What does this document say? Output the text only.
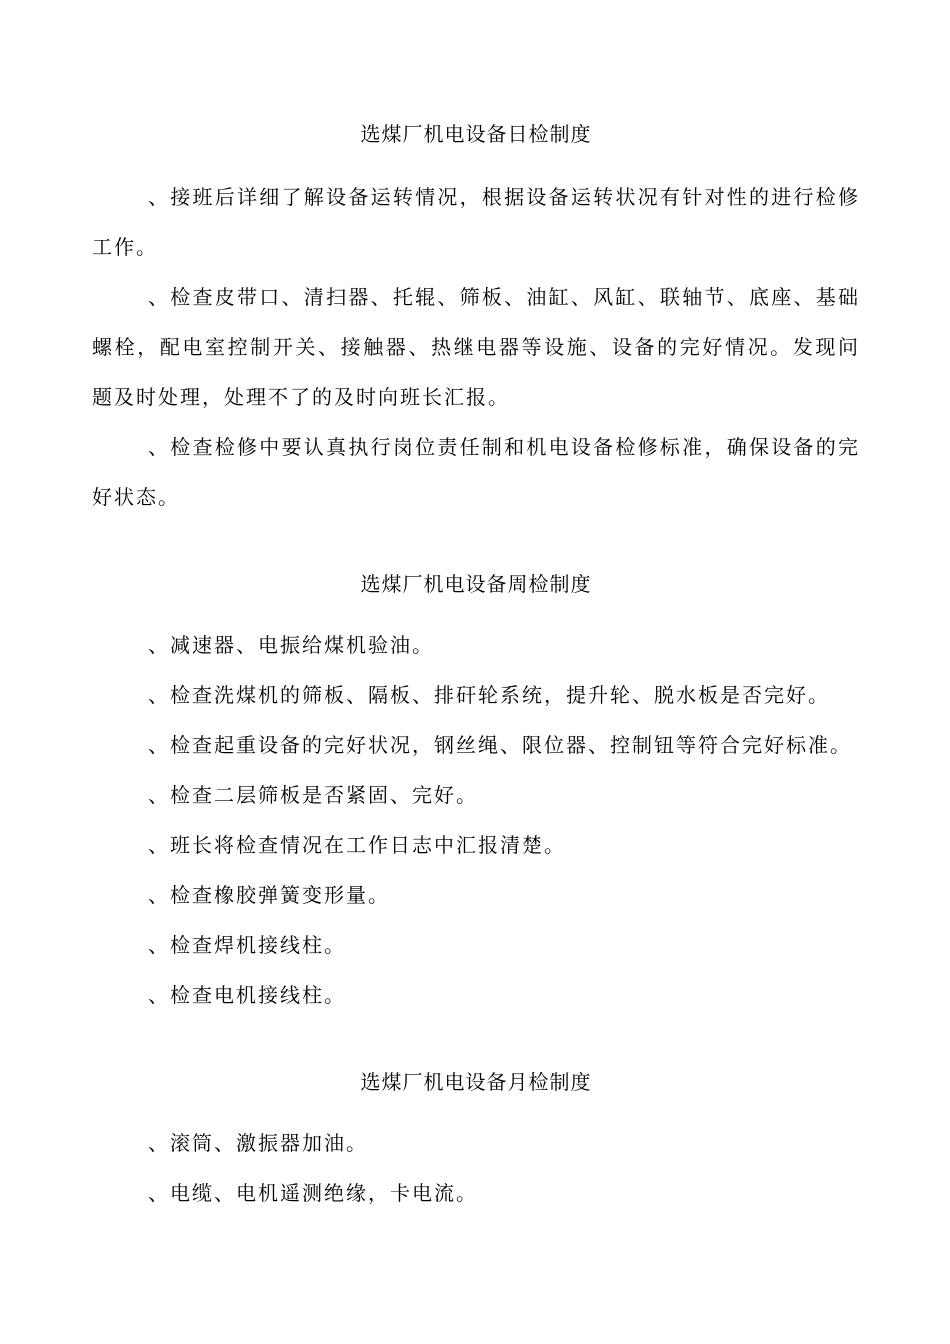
选煤厂机电设备日检制度

、接班后详细了解设备运转情况，根据设备运转状况有针对性的进行检修工作。

、检查皮带口、清扫器、托辊、筛板、油缸、风缸、联轴节、底座、基础螺栓，配电室控制开关、接触器、热继电器等设施、设备的完好情况。发现问题及时处理，处理不了的及时向班长汇报。

、检查检修中要认真执行岗位责任制和机电设备检修标准，确保设备的完好状态。

选煤厂机电设备周检制度

、减速器、电振给煤机验油。

、检查洗煤机的筛板、隔板、排矸轮系统，提升轮、脱水板是否完好。

、检查起重设备的完好状况，钢丝绳、限位器、控制钮等符合完好标准。

、检查二层筛板是否紧固、完好。

、班长将检查情况在工作日志中汇报清楚。

、检查橡胶弹簧变形量。

、检查焊机接线柱。

、检查电机接线柱。

选煤厂机电设备月检制度

、滚筒、激振器加油。

、电缆、电机遥测绝缘，卡电流。
